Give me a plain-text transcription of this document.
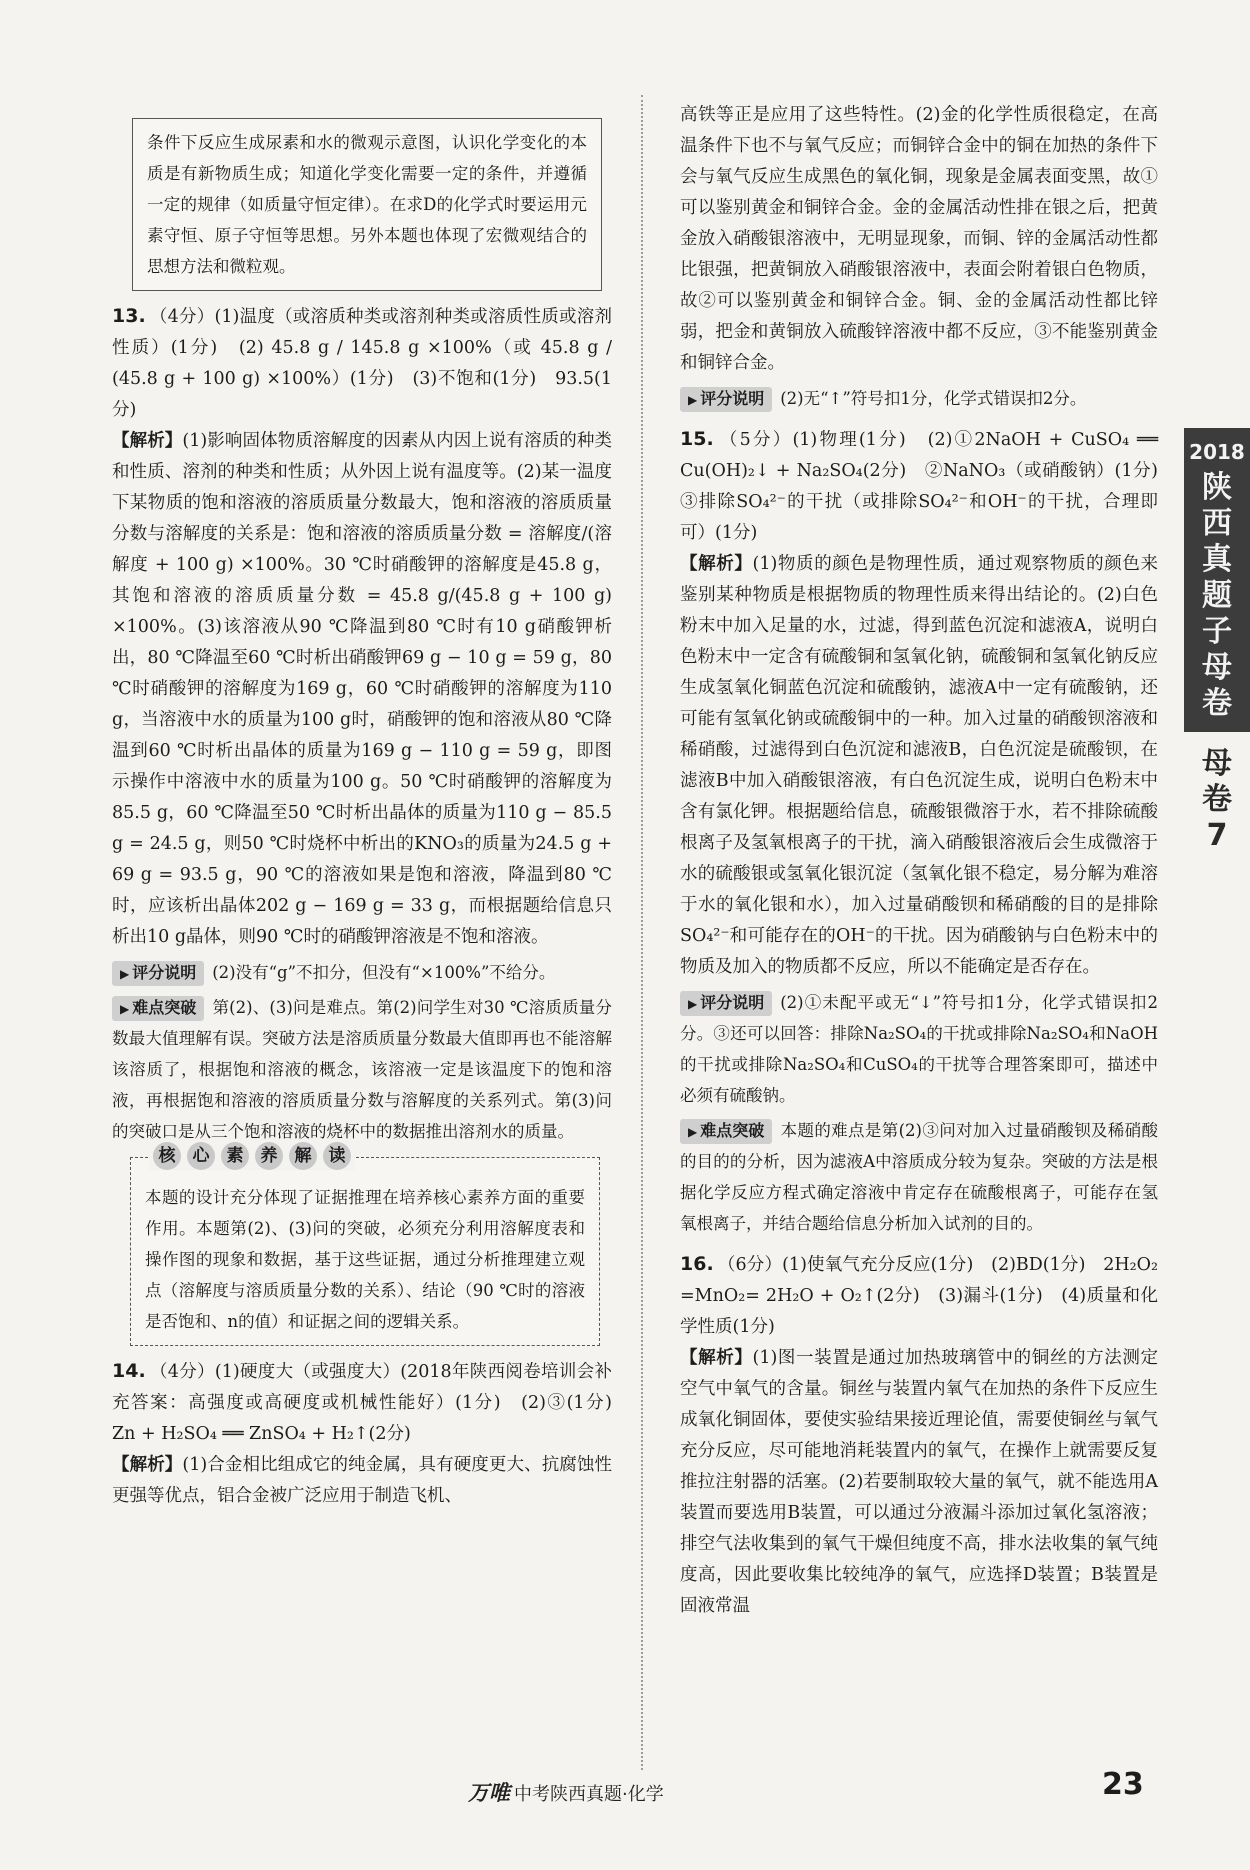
条件下反应生成尿素和水的微观示意图，认识化学变化的本质是有新物质生成；知道化学变化需要一定的条件，并遵循一定的规律（如质量守恒定律）。在求D的化学式时要运用元素守恒、原子守恒等思想。另外本题也体现了宏微观结合的思想方法和微粒观。
13. （4分）(1)温度（或溶质种类或溶剂种类或溶质性质或溶剂性质）(1分)　(2) 45.8 g / 145.8 g ×100%（或 45.8 g / (45.8 g + 100 g) ×100%）(1分)　(3)不饱和(1分)　93.5(1分)
【解析】(1)影响固体物质溶解度的因素从内因上说有溶质的种类和性质、溶剂的种类和性质；从外因上说有温度等。(2)某一温度下某物质的饱和溶液的溶质质量分数最大，饱和溶液的溶质质量分数与溶解度的关系是：饱和溶液的溶质质量分数 = 溶解度/(溶解度 + 100 g) ×100%。30 ℃时硝酸钾的溶解度是45.8 g，其饱和溶液的溶质质量分数 = 45.8 g/(45.8 g + 100 g) ×100%。(3)该溶液从90 ℃降温到80 ℃时有10 g硝酸钾析出，80 ℃降温至60 ℃时析出硝酸钾69 g − 10 g = 59 g，80 ℃时硝酸钾的溶解度为169 g，60 ℃时硝酸钾的溶解度为110 g，当溶液中水的质量为100 g时，硝酸钾的饱和溶液从80 ℃降温到60 ℃时析出晶体的质量为169 g − 110 g = 59 g，即图示操作中溶液中水的质量为100 g。50 ℃时硝酸钾的溶解度为85.5 g，60 ℃降温至50 ℃时析出晶体的质量为110 g − 85.5 g = 24.5 g，则50 ℃时烧杯中析出的KNO₃的质量为24.5 g + 69 g = 93.5 g，90 ℃的溶液如果是饱和溶液，降温到80 ℃时，应该析出晶体202 g − 169 g = 33 g，而根据题给信息只析出10 g晶体，则90 ℃时的硝酸钾溶液是不饱和溶液。
▶ 评分说明 (2)没有“g”不扣分，但没有“×100%”不给分。
▶ 难点突破 第(2)、(3)问是难点。第(2)问学生对30 ℃溶质质量分数最大值理解有误。突破方法是溶质质量分数最大值即再也不能溶解该溶质了，根据饱和溶液的概念，该溶液一定是该温度下的饱和溶液，再根据饱和溶液的溶质质量分数与溶解度的关系列式。第(3)问的突破口是从三个饱和溶液的烧杯中的数据推出溶剂水的质量。
核	心	素	养	解	读
本题的设计充分体现了证据推理在培养核心素养方面的重要作用。本题第(2)、(3)问的突破，必须充分利用溶解度表和操作图的现象和数据，基于这些证据，通过分析推理建立观点（溶解度与溶质质量分数的关系）、结论（90 ℃时的溶液是否饱和、n的值）和证据之间的逻辑关系。
14. （4分）(1)硬度大（或强度大）(2018年陕西阅卷培训会补充答案：高强度或高硬度或机械性能好）(1分)　(2)③(1分)　Zn + H₂SO₄ ══ ZnSO₄ + H₂↑(2分)
【解析】(1)合金相比组成它的纯金属，具有硬度更大、抗腐蚀性更强等优点，铝合金被广泛应用于制造飞机、
高铁等正是应用了这些特性。(2)金的化学性质很稳定，在高温条件下也不与氧气反应；而铜锌合金中的铜在加热的条件下会与氧气反应生成黑色的氧化铜，现象是金属表面变黑，故①可以鉴别黄金和铜锌合金。金的金属活动性排在银之后，把黄金放入硝酸银溶液中，无明显现象，而铜、锌的金属活动性都比银强，把黄铜放入硝酸银溶液中，表面会附着银白色物质，故②可以鉴别黄金和铜锌合金。铜、金的金属活动性都比锌弱，把金和黄铜放入硫酸锌溶液中都不反应，③不能鉴别黄金和铜锌合金。
▶ 评分说明 (2)无“↑”符号扣1分，化学式错误扣2分。
15. （5分）(1)物理(1分)　(2)①2NaOH + CuSO₄ ══ Cu(OH)₂↓ + Na₂SO₄(2分)　②NaNO₃（或硝酸钠）(1分)　③排除SO₄²⁻的干扰（或排除SO₄²⁻和OH⁻的干扰，合理即可）(1分)
【解析】(1)物质的颜色是物理性质，通过观察物质的颜色来鉴别某种物质是根据物质的物理性质来得出结论的。(2)白色粉末中加入足量的水，过滤，得到蓝色沉淀和滤液A，说明白色粉末中一定含有硫酸铜和氢氧化钠，硫酸铜和氢氧化钠反应生成氢氧化铜蓝色沉淀和硫酸钠，滤液A中一定有硫酸钠，还可能有氢氧化钠或硫酸铜中的一种。加入过量的硝酸钡溶液和稀硝酸，过滤得到白色沉淀和滤液B，白色沉淀是硫酸钡，在滤液B中加入硝酸银溶液，有白色沉淀生成，说明白色粉末中含有氯化钾。根据题给信息，硫酸银微溶于水，若不排除硫酸根离子及氢氧根离子的干扰，滴入硝酸银溶液后会生成微溶于水的硫酸银或氢氧化银沉淀（氢氧化银不稳定，易分解为难溶于水的氧化银和水），加入过量硝酸钡和稀硝酸的目的是排除SO₄²⁻和可能存在的OH⁻的干扰。因为硝酸钠与白色粉末中的物质及加入的物质都不反应，所以不能确定是否存在。
▶ 评分说明 (2)①未配平或无“↓”符号扣1分，化学式错误扣2分。③还可以回答：排除Na₂SO₄的干扰或排除Na₂SO₄和NaOH的干扰或排除Na₂SO₄和CuSO₄的干扰等合理答案即可，描述中必须有硫酸钠。
▶ 难点突破 本题的难点是第(2)③问对加入过量硝酸钡及稀硝酸的目的的分析，因为滤液A中溶质成分较为复杂。突破的方法是根据化学反应方程式确定溶液中肯定存在硫酸根离子，可能存在氢氧根离子，并结合题给信息分析加入试剂的目的。
16. （6分）(1)使氧气充分反应(1分)　(2)BD(1分)　2H₂O₂ =MnO₂= 2H₂O + O₂↑(2分)　(3)漏斗(1分)　(4)质量和化学性质(1分)
【解析】(1)图一装置是通过加热玻璃管中的铜丝的方法测定空气中氧气的含量。铜丝与装置内氧气在加热的条件下反应生成氧化铜固体，要使实验结果接近理论值，需要使铜丝与氧气充分反应，尽可能地消耗装置内的氧气，在操作上就需要反复推拉注射器的活塞。(2)若要制取较大量的氧气，就不能选用A装置而要选用B装置，可以通过分液漏斗添加过氧化氢溶液；排空气法收集到的氧气干燥但纯度不高，排水法收集的氧气纯度高，因此要收集比较纯净的氧气，应选择D装置；B装置是固液常温
2018
陕
西
真
题
子
母
卷
母
卷
7
万唯 中考陕西真题·化学	23
